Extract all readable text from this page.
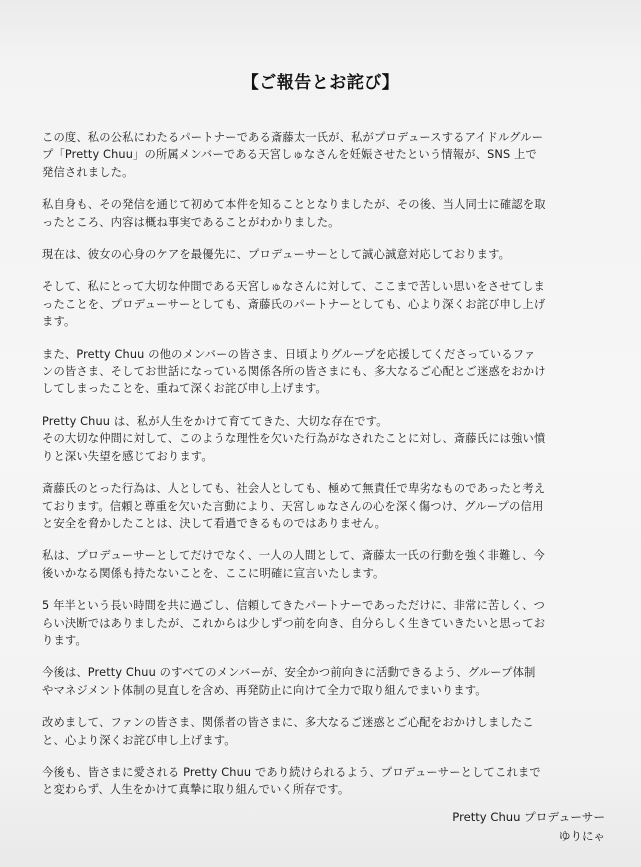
【ご報告とお詫び】

この度、私の公私にわたるパートナーである斎藤太一氏が、私がプロデュースするアイドルグルー
プ「Pretty Chuu」の所属メンバーである天宮しゅなさんを妊娠させたという情報が、SNS 上で
発信されました。

私自身も、その発信を通じて初めて本件を知ることとなりましたが、その後、当人同士に確認を取
ったところ、内容は概ね事実であることがわかりました。

現在は、彼女の心身のケアを最優先に、プロデューサーとして誠心誠意対応しております。

そして、私にとって大切な仲間である天宮しゅなさんに対して、ここまで苦しい思いをさせてしま
ったことを、プロデューサーとしても、斎藤氏のパートナーとしても、心より深くお詫び申し上げ
ます。

また、Pretty Chuu の他のメンバーの皆さま、日頃よりグループを応援してくださっているファ
ンの皆さま、そしてお世話になっている関係各所の皆さまにも、多大なるご心配とご迷惑をおかけ
してしまったことを、重ねて深くお詫び申し上げます。

Pretty Chuu は、私が人生をかけて育ててきた、大切な存在です。
その大切な仲間に対して、このような理性を欠いた行為がなされたことに対し、斎藤氏には強い憤
りと深い失望を感じております。

斎藤氏のとった行為は、人としても、社会人としても、極めて無責任で卑劣なものであったと考え
ております。信頼と尊重を欠いた言動により、天宮しゅなさんの心を深く傷つけ、グループの信用
と安全を脅かしたことは、決して看過できるものではありません。

私は、プロデューサーとしてだけでなく、一人の人間として、斎藤太一氏の行動を強く非難し、今
後いかなる関係も持たないことを、ここに明確に宣言いたします。

5 年半という長い時間を共に過ごし、信頼してきたパートナーであっただけに、非常に苦しく、つ
らい決断ではありましたが、これからは少しずつ前を向き、自分らしく生きていきたいと思ってお
ります。

今後は、Pretty Chuu のすべてのメンバーが、安全かつ前向きに活動できるよう、グループ体制
やマネジメント体制の見直しを含め、再発防止に向けて全力で取り組んでまいります。

改めまして、ファンの皆さま、関係者の皆さまに、多大なるご迷惑とご心配をおかけしましたこ
と、心より深くお詫び申し上げます。

今後も、皆さまに愛される Pretty Chuu であり続けられるよう、プロデューサーとしてこれまで
と変わらず、人生をかけて真摯に取り組んでいく所存です。

Pretty Chuu プロデューサー
ゆりにゃ
